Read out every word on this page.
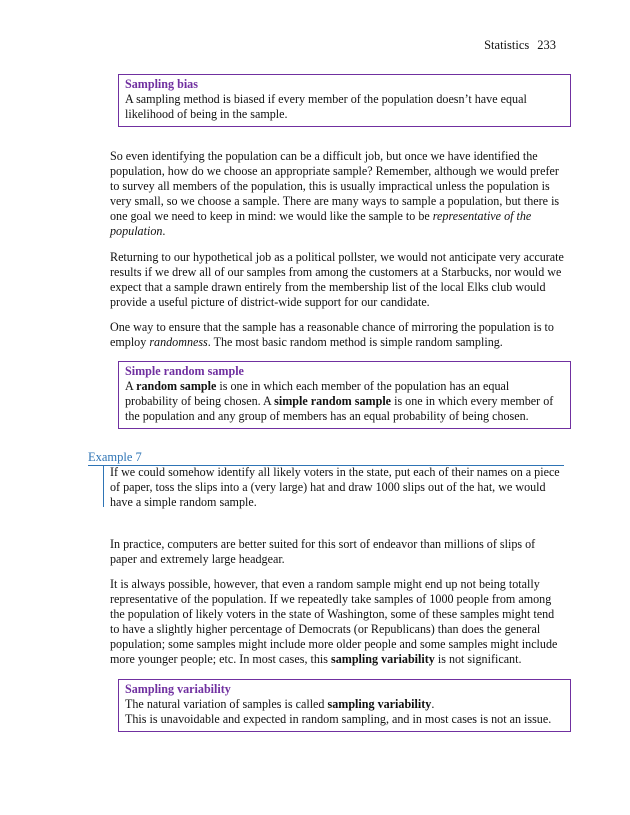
Statistics 233
Sampling bias
A sampling method is biased if every member of the population doesn’t have equal likelihood of being in the sample.

So even identifying the population can be a difficult job, but once we have identified the population, how do we choose an appropriate sample? Remember, although we would prefer to survey all members of the population, this is usually impractical unless the population is very small, so we choose a sample. There are many ways to sample a population, but there is one goal we need to keep in mind: we would like the sample to be representative of the population.

Returning to our hypothetical job as a political pollster, we would not anticipate very accurate results if we drew all of our samples from among the customers at a Starbucks, nor would we expect that a sample drawn entirely from the membership list of the local Elks club would provide a useful picture of district-wide support for our candidate.

One way to ensure that the sample has a reasonable chance of mirroring the population is to employ randomness. The most basic random method is simple random sampling.

Simple random sample
A random sample is one in which each member of the population has an equal probability of being chosen. A simple random sample is one in which every member of the population and any group of members has an equal probability of being chosen.
Example 7
If we could somehow identify all likely voters in the state, put each of their names on a piece of paper, toss the slips into a (very large) hat and draw 1000 slips out of the hat, we would have a simple random sample.

In practice, computers are better suited for this sort of endeavor than millions of slips of paper and extremely large headgear.

It is always possible, however, that even a random sample might end up not being totally representative of the population. If we repeatedly take samples of 1000 people from among the population of likely voters in the state of Washington, some of these samples might tend to have a slightly higher percentage of Democrats (or Republicans) than does the general population; some samples might include more older people and some samples might include more younger people; etc. In most cases, this sampling variability is not significant.

Sampling variability
The natural variation of samples is called sampling variability.
This is unavoidable and expected in random sampling, and in most cases is not an issue.
